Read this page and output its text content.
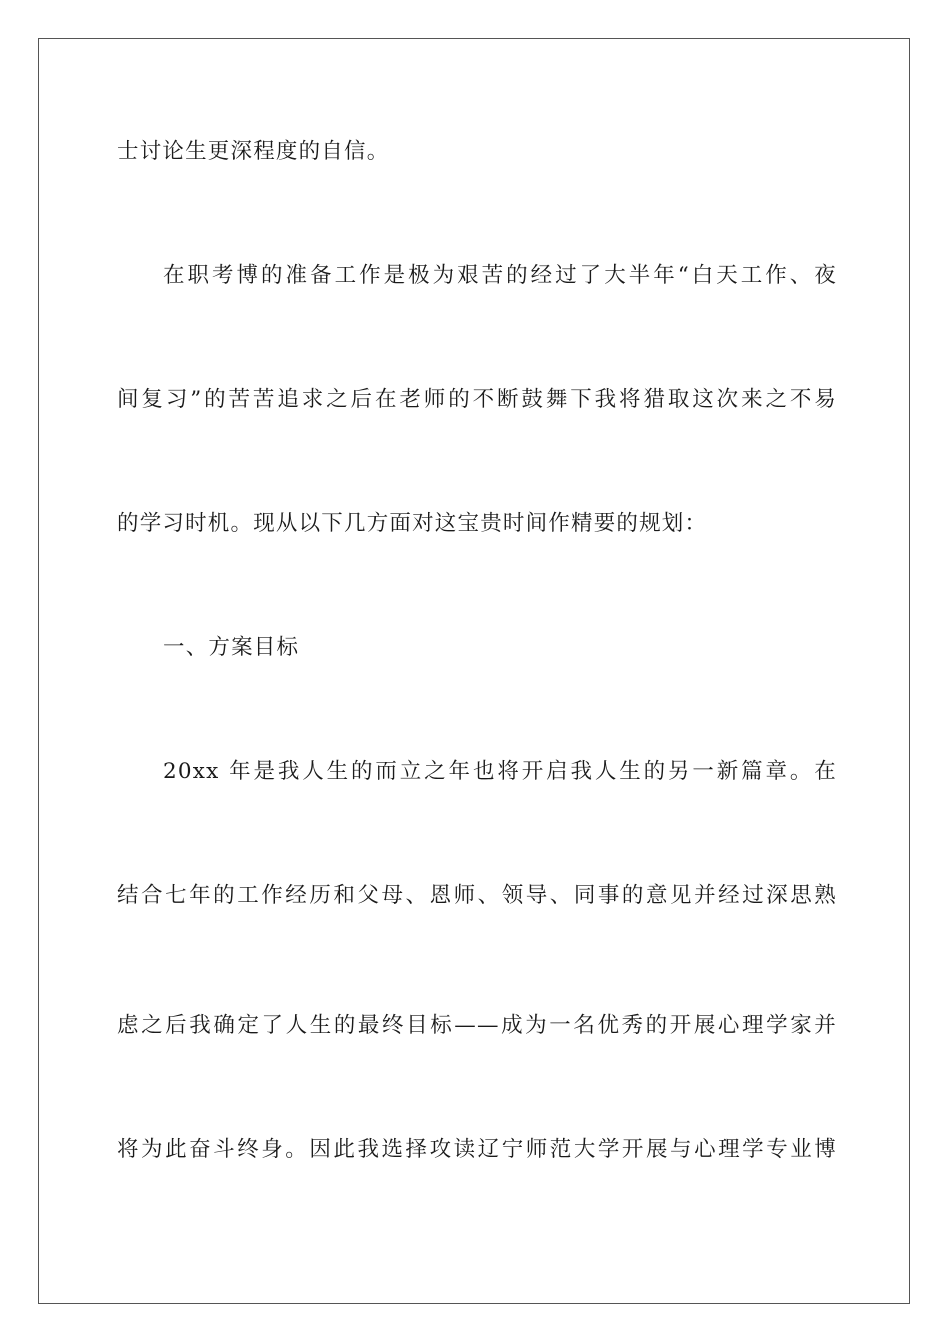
士讨论生更深程度的自信。
在职考博的准备工作是极为艰苦的经过了大半年“白天工作、夜
间复习”的苦苦追求之后在老师的不断鼓舞下我将猎取这次来之不易
的学习时机。现从以下几方面对这宝贵时间作精要的规划：
一、方案目标
20xx 年是我人生的而立之年也将开启我人生的另一新篇章。在
结合七年的工作经历和父母、恩师、领导、同事的意见并经过深思熟
虑之后我确定了人生的最终目标——成为一名优秀的开展心理学家并
将为此奋斗终身。因此我选择攻读辽宁师范大学开展与心理学专业博
